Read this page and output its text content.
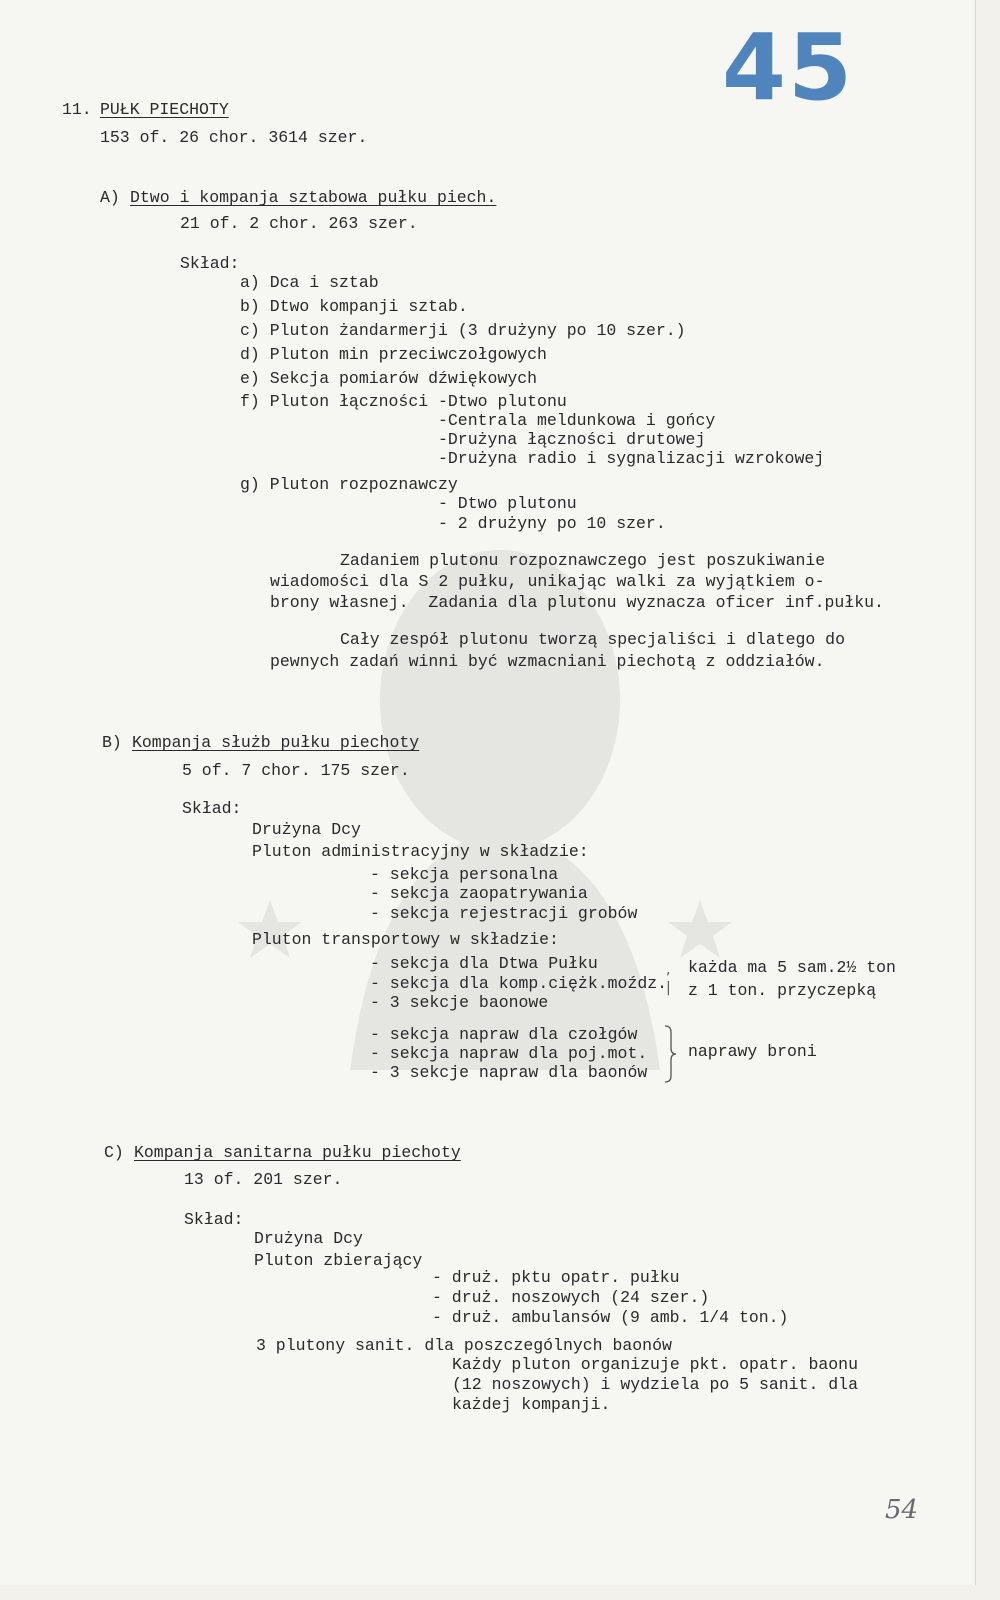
45
11. PUŁK PIECHOTY
153 of. 26 chor. 3614 szer.
A) Dtwo i kompanja sztabowa pułku piech.
21 of. 2 chor. 263 szer.
Skład:
a) Dca i sztab
b) Dtwo kompanji sztab.
c) Pluton żandarmerji (3 drużyny po 10 szer.)
d) Pluton min przeciwczołgowych
e) Sekcja pomiarów dźwiękowych
f) Pluton łączności -Dtwo plutonu
-Centrala meldunkowa i gońcy
-Drużyna łączności drutowej
-Drużyna radio i sygnalizacji wzrokowej
g) Pluton rozpoznawczy
- Dtwo plutonu
- 2 drużyny po 10 szer.
Zadaniem plutonu rozpoznawczego jest poszukiwanie
wiadomości dla S 2 pułku, unikając walki za wyjątkiem o-
brony własnej.  Zadania dla plutonu wyznacza oficer inf.pułku.
Cały zespół plutonu tworzą specjaliści i dlatego do
pewnych zadań winni być wzmacniani piechotą z oddziałów.
B) Kompanja służb pułku piechoty
5 of. 7 chor. 175 szer.
Skład:
Drużyna Dcy
Pluton administracyjny w składzie:
- sekcja personalna
- sekcja zaopatrywania
- sekcja rejestracji grobów
Pluton transportowy w składzie:
- sekcja dla Dtwa Pułku
- sekcja dla komp.ciężk.moźdz.
- 3 sekcje baonowe
,
|
każda ma 5 sam.2½ ton
z 1 ton. przyczepką
- sekcja napraw dla czołgów
- sekcja napraw dla poj.mot.
- 3 sekcje napraw dla baonów
naprawy broni
C) Kompanja sanitarna pułku piechoty
13 of. 201 szer.
Skład:
Drużyna Dcy
Pluton zbierający
- druż. pktu opatr. pułku
- druż. noszowych (24 szer.)
- druż. ambulansów (9 amb. 1/4 ton.)
3 plutony sanit. dla poszczególnych baonów
Każdy pluton organizuje pkt. opatr. baonu
(12 noszowych) i wydziela po 5 sanit. dla
każdej kompanji.
54
